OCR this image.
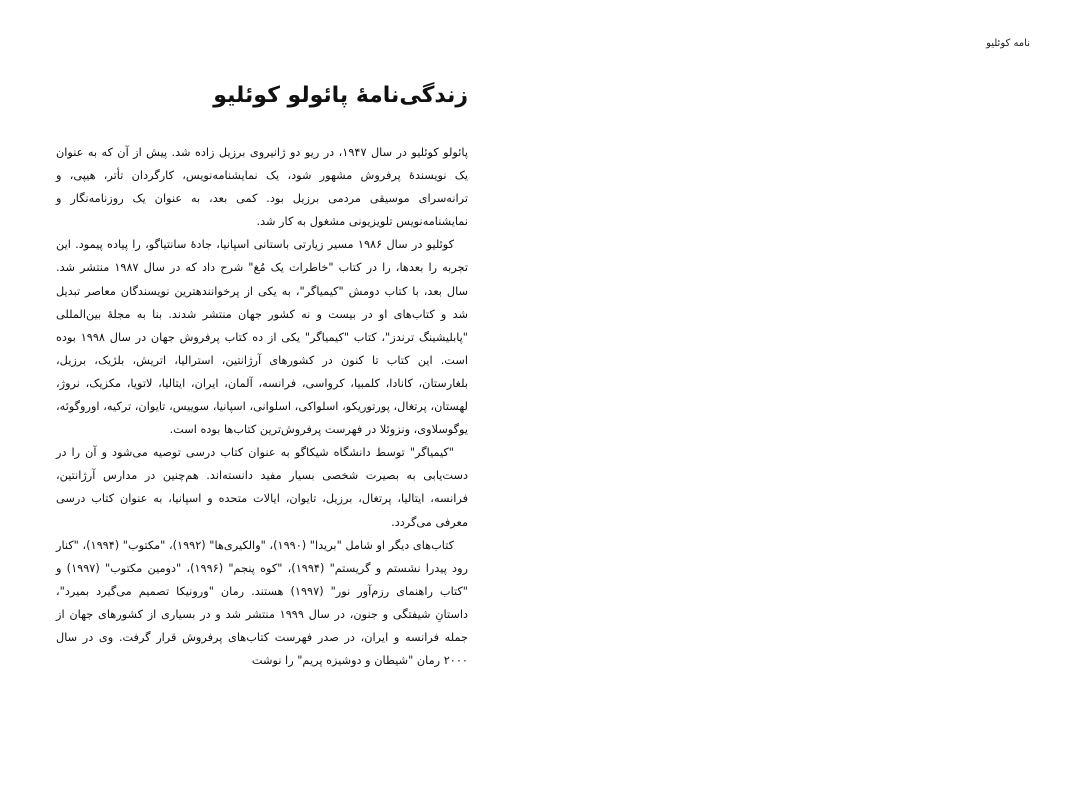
نامه کوئلیو
زندگی‌نامهٔ پائولو کوئلیو

پائولو کوئلیو در سال ۱۹۴۷، در ریو دو ژانیروی برزیل زاده شد. پیش از آن که به عنوان یک نویسندهٔ پرفروش مشهور شود، یک نمایشنامه‌نویس، کارگردان تأتر، هیپی، و ترانه‌سرای موسیقی مردمی برزیل بود. کمی بعد، به عنوان یک روزنامه‌نگار و نمایشنامه‌نویس تلویزیونی مشغول به کار شد.

کوئلیو در سال ۱۹۸۶ مسیر زیارتی باستانی اسپانیا، جادهٔ سانتیاگو، را پیاده پیمود. این تجربه را بعدها، را در کتاب "خاطرات یک مُغ" شرح داد که در سال ۱۹۸۷ منتشر شد. سال بعد، با کتاب دومش "کیمیاگر"، به یکی از پرخوانندهترین نویسندگان معاصر تبدیل شد و کتاب‌های او در بیست و نه کشور جهان منتشر شدند. بنا به مجلهٔ بین‌المللی "پابلیشینگ ترندز"، کتاب "کیمیاگر" یکی از ده کتاب پرفروش جهان در سال ۱۹۹۸ بوده است. این کتاب تا کنون در کشورهای آرژانتین، استرالیا، اتریش، بلژیک، برزیل، بلغارستان، کانادا، کلمبیا، کرواسی، فرانسه، آلمان، ایران، ایتالیا، لاتویا، مکزیک، نروژ، لهستان، پرتغال، پورتوریکو، اسلواکی، اسلوانی، اسپانیا، سوییس، تایوان، ترکیه، اوروگوئه، یوگوسلاوی، ونزوئلا در فهرست پرفروش‌ترین کتاب‌ها بوده است.

"کیمیاگر" توسط دانشگاه شیکاگو به عنوان کتاب درسی توصیه می‌شود و آن را در دست‌یابی به بصیرت شخصی بسیار مفید دانسته‌اند. هم‌چنین در مدارس آرژانتین، فرانسه، ایتالیا، پرتغال، برزیل، تایوان، ایالات متحده و اسپانیا، به عنوان کتاب درسی معرفی می‌گردد.

کتاب‌های دیگر او شامل "بریدا" (۱۹۹۰)، "والکیری‌ها" (۱۹۹۲)، "مکتوب" (۱۹۹۴)، "کنار رود پیدرا نشستم و گریستم" (۱۹۹۴)، "کوه پنجم" (۱۹۹۶)، "دومین مکتوب" (۱۹۹۷) و "کتاب راهنمای رزم‌آور نور" (۱۹۹۷) هستند. رمان "ورونیکا تصمیم می‌گیرد بمیرد"، داستانِ شیفتگی و جنون، در سال ۱۹۹۹ منتشر شد و در بسیاری از کشورهای جهان از جمله فرانسه و ایران، در صدر فهرست کتاب‌های پرفروش قرار گرفت. وی در سال ۲۰۰۰ رمان "شیطان و دوشیزه پریم" را نوشت
